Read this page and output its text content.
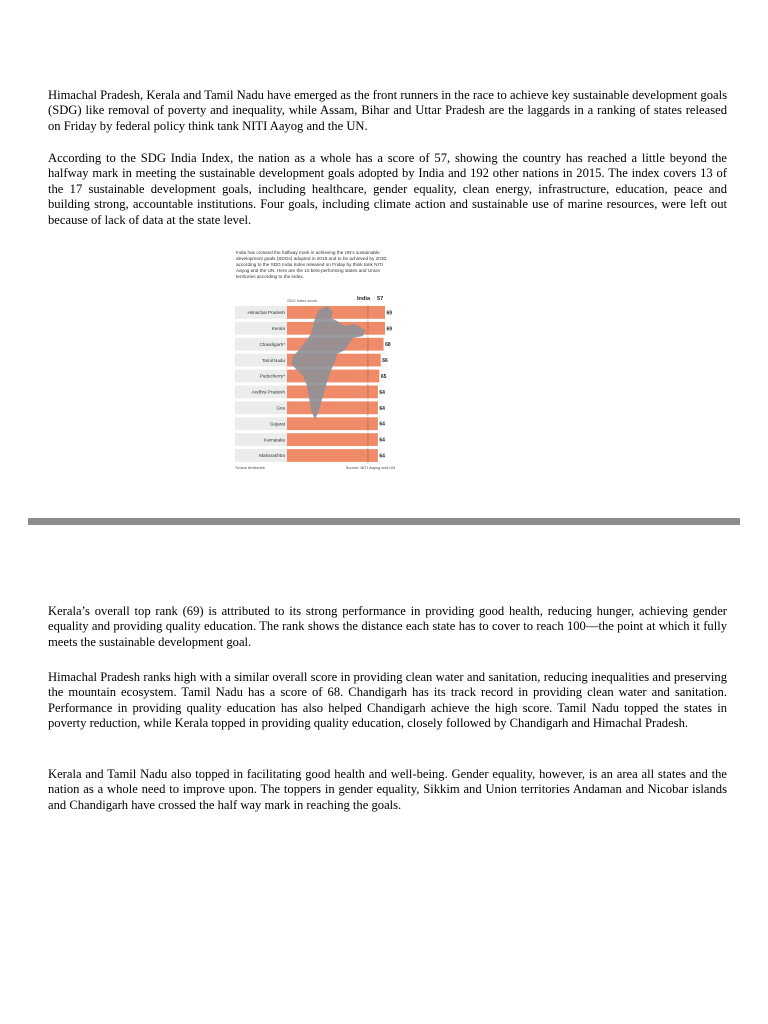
Himachal Pradesh, Kerala and Tamil Nadu have emerged as the front runners in the race to achieve key sustainable development goals (SDG) like removal of poverty and inequality, while Assam, Bihar and Uttar Pradesh are the laggards in a ranking of states released on Friday by federal policy think tank NITI Aayog and the UN.

According to the SDG India Index, the nation as a whole has a score of 57, showing the country has reached a little beyond the halfway mark in meeting the sustainable development goals adopted by India and 192 other nations in 2015. The index covers 13 of the 17 sustainable development goals, including healthcare, gender equality, clean energy, infrastructure, education, peace and building strong, accountable institutions. Four goals, including climate action and sustainable use of marine resources, were left out because of lack of data at the state level.

India has crossed the halfway mark in achieving the UN's sustainable development goals (SDGs) adopted in 2015 and to be achieved by 2030, according to the SDG India Index released on Friday by think tank NITI Aayog and the UN. Here are the 10 best-performing states and Union territories according to the index.

SDG index score	India 57
Himachal Pradesh	69
Kerala	69
Chandigarh*	68
Tamil Nadu	66
Puducherry*	65
Andhra Pradesh	64
Goa	64
Gujarat	64
Karnataka	64
Maharashtra	64
*Union territories	Source: NITI Aayog and UN

Kerala’s overall top rank (69) is attributed to its strong performance in providing good health, reducing hunger, achieving gender equality and providing quality education. The rank shows the distance each state has to cover to reach 100—the point at which it fully meets the sustainable development goal.

Himachal Pradesh ranks high with a similar overall score in providing clean water and sanitation, reducing inequalities and preserving the mountain ecosystem. Tamil Nadu has a score of 68. Chandigarh has its track record in providing clean water and sanitation. Performance in providing quality education has also helped Chandigarh achieve the high score. Tamil Nadu topped the states in poverty reduction, while Kerala topped in providing quality education, closely followed by Chandigarh and Himachal Pradesh.

Kerala and Tamil Nadu also topped in facilitating good health and well-being. Gender equality, however, is an area all states and the nation as a whole need to improve upon. The toppers in gender equality, Sikkim and Union territories Andaman and Nicobar islands and Chandigarh have crossed the half way mark in reaching the goals.
